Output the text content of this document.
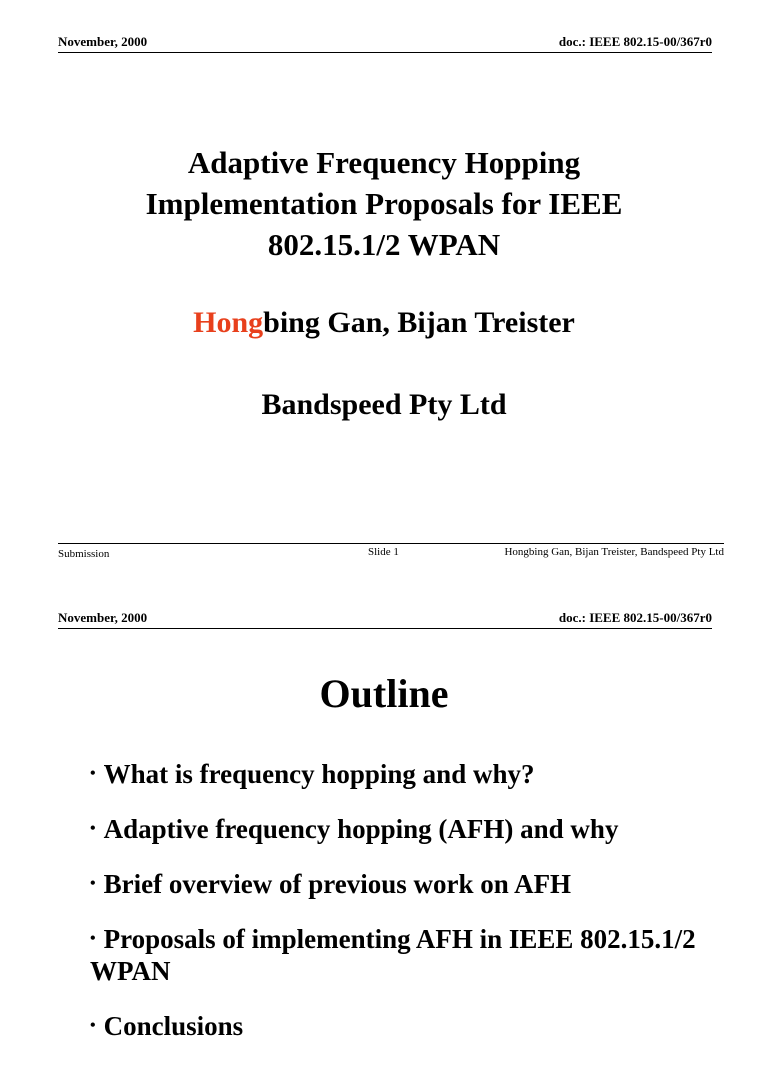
November, 2000	doc.: IEEE 802.15-00/367r0
Adaptive Frequency Hopping
Implementation Proposals for IEEE
802.15.1/2 WPAN
Hongbing Gan, Bijan Treister
Bandspeed Pty Ltd
Submission	Slide 1	Hongbing Gan, Bijan Treister, Bandspeed Pty Ltd
November, 2000	doc.: IEEE 802.15-00/367r0
Outline
• What is frequency hopping and why?
• Adaptive frequency hopping (AFH) and why
• Brief overview of previous work on AFH
• Proposals of implementing AFH in IEEE 802.15.1/2 WPAN
• Conclusions
